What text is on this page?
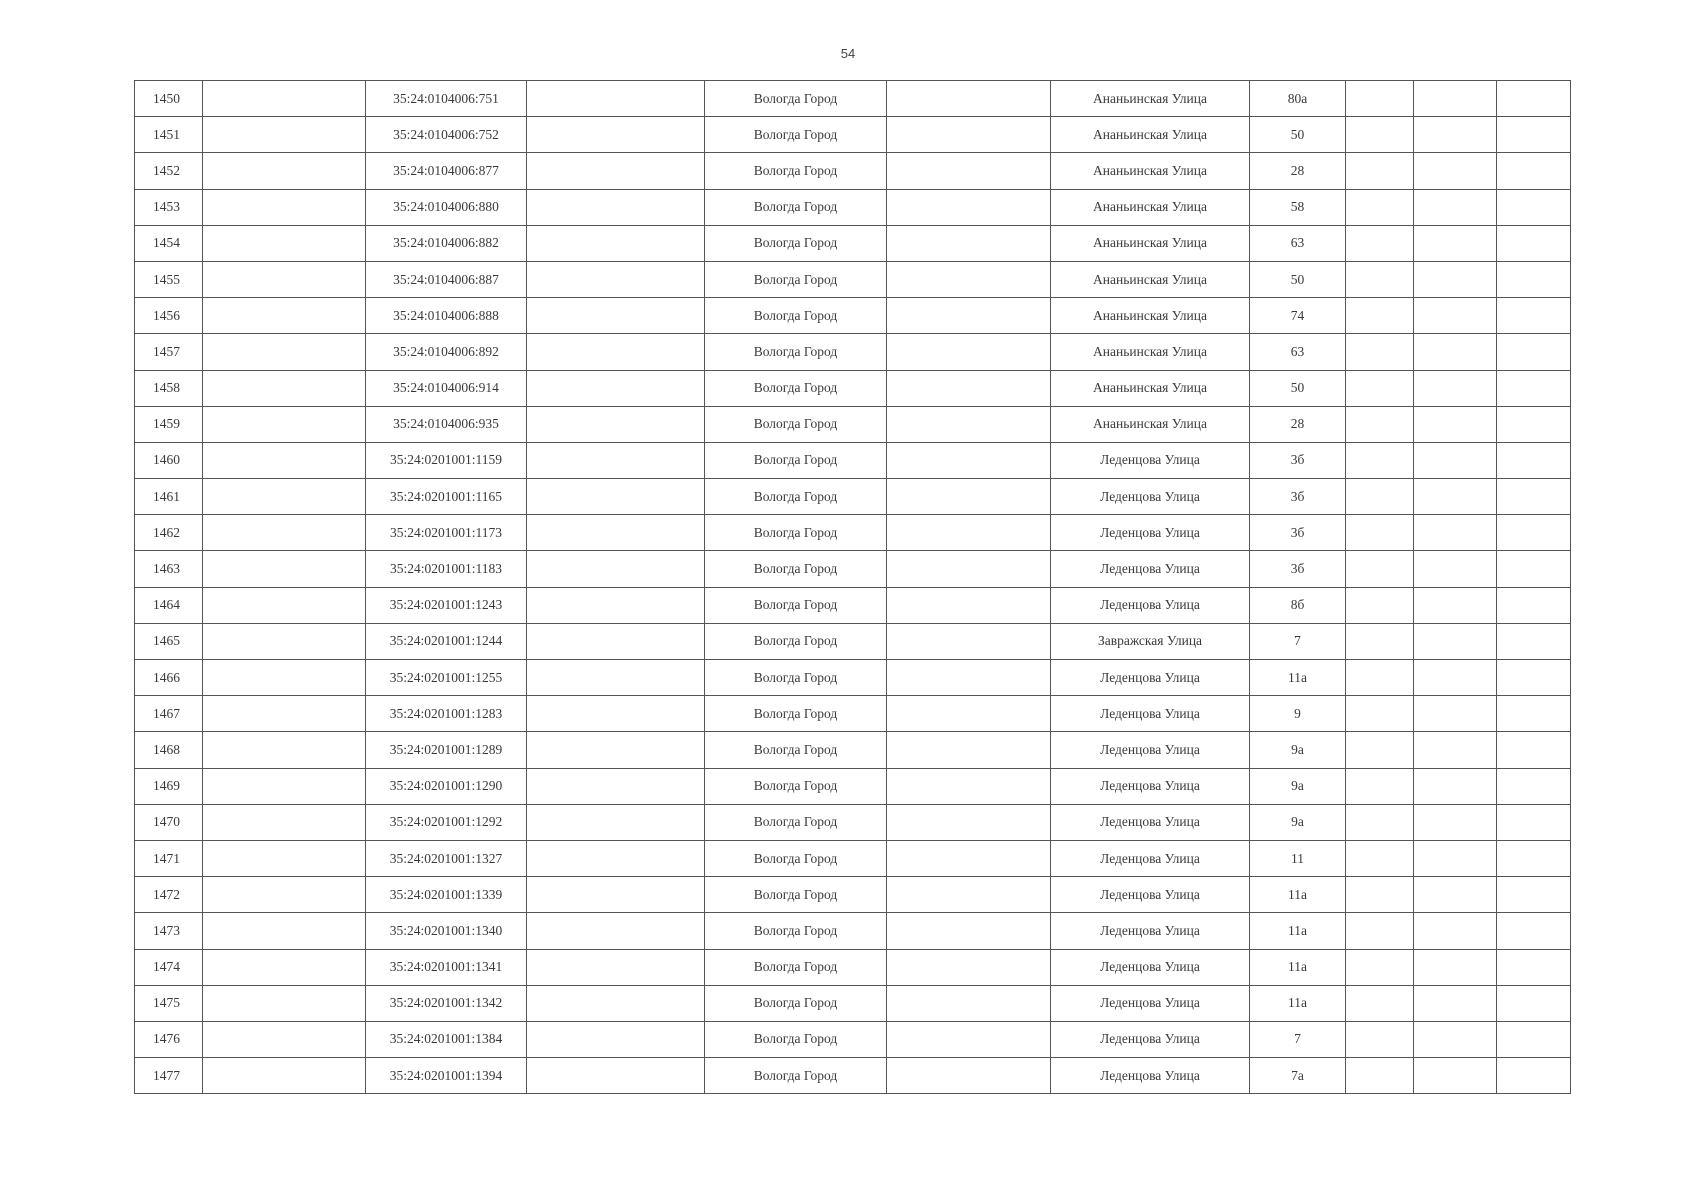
54
1450		35:24:0104006:751		Вологда Город		Ананьинская Улица	80а			
1451		35:24:0104006:752		Вологда Город		Ананьинская Улица	50			
1452		35:24:0104006:877		Вологда Город		Ананьинская Улица	28			
1453		35:24:0104006:880		Вологда Город		Ананьинская Улица	58			
1454		35:24:0104006:882		Вологда Город		Ананьинская Улица	63			
1455		35:24:0104006:887		Вологда Город		Ананьинская Улица	50			
1456		35:24:0104006:888		Вологда Город		Ананьинская Улица	74			
1457		35:24:0104006:892		Вологда Город		Ананьинская Улица	63			
1458		35:24:0104006:914		Вологда Город		Ананьинская Улица	50			
1459		35:24:0104006:935		Вологда Город		Ананьинская Улица	28			
1460		35:24:0201001:1159		Вологда Город		Леденцова Улица	3б			
1461		35:24:0201001:1165		Вологда Город		Леденцова Улица	3б			
1462		35:24:0201001:1173		Вологда Город		Леденцова Улица	3б			
1463		35:24:0201001:1183		Вологда Город		Леденцова Улица	3б			
1464		35:24:0201001:1243		Вологда Город		Леденцова Улица	8б			
1465		35:24:0201001:1244		Вологда Город		Завражская Улица	7			
1466		35:24:0201001:1255		Вологда Город		Леденцова Улица	11а			
1467		35:24:0201001:1283		Вологда Город		Леденцова Улица	9			
1468		35:24:0201001:1289		Вологда Город		Леденцова Улица	9а			
1469		35:24:0201001:1290		Вологда Город		Леденцова Улица	9а			
1470		35:24:0201001:1292		Вологда Город		Леденцова Улица	9а			
1471		35:24:0201001:1327		Вологда Город		Леденцова Улица	11			
1472		35:24:0201001:1339		Вологда Город		Леденцова Улица	11а			
1473		35:24:0201001:1340		Вологда Город		Леденцова Улица	11а			
1474		35:24:0201001:1341		Вологда Город		Леденцова Улица	11а			
1475		35:24:0201001:1342		Вологда Город		Леденцова Улица	11а			
1476		35:24:0201001:1384		Вологда Город		Леденцова Улица	7			
1477		35:24:0201001:1394		Вологда Город		Леденцова Улица	7а			
